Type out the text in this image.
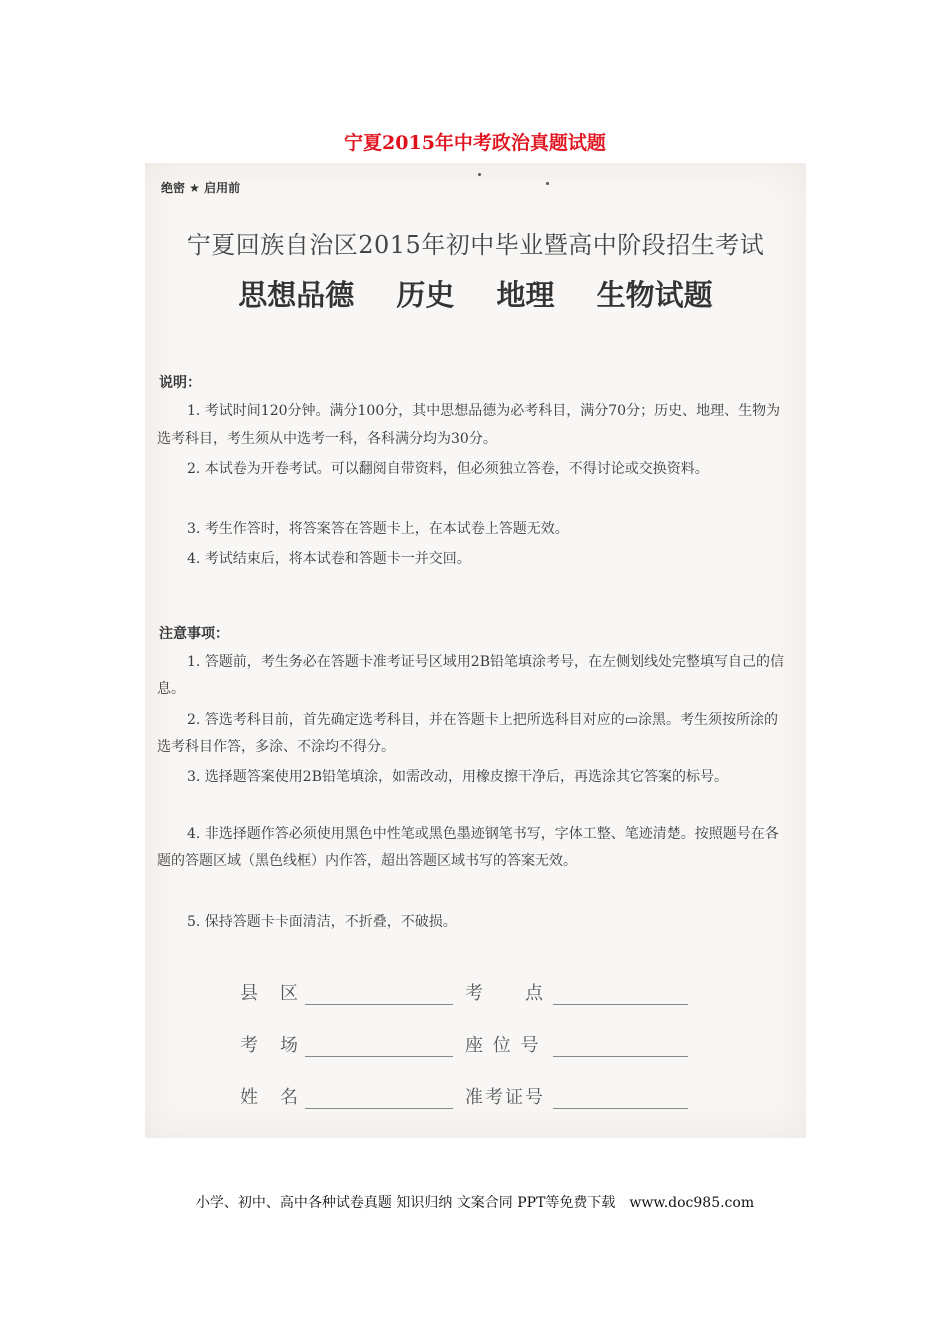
宁夏2015年中考政治真题试题
绝密 ★ 启用前
宁夏回族自治区2015年初中毕业暨高中阶段招生考试
思想品德 历史 地理 生物试题
说明：
1. 考试时间120分钟。满分100分，其中思想品德为必考科目，满分70分；历史、地理、生物为选考科目，考生须从中选考一科，各科满分均为30分。
2. 本试卷为开卷考试。可以翻阅自带资料，但必须独立答卷，不得讨论或交换资料。
3. 考生作答时，将答案答在答题卡上，在本试卷上答题无效。
4. 考试结束后，将本试卷和答题卡一并交回。
注意事项：
1. 答题前，考生务必在答题卡准考证号区域用2B铅笔填涂考号，在左侧划线处完整填写自己的信息。
2. 答选考科目前，首先确定选考科目，并在答题卡上把所选科目对应的▭涂黑。考生须按所涂的选考科目作答，多涂、不涂均不得分。
3. 选择题答案使用2B铅笔填涂，如需改动，用橡皮擦干净后，再选涂其它答案的标号。
4. 非选择题作答必须使用黑色中性笔或黑色墨迹钢笔书写，字体工整、笔迹清楚。按照题号在各题的答题区域（黑色线框）内作答，超出答题区域书写的答案无效。
5. 保持答题卡卡面清洁，不折叠，不破损。
县　区	考　　点
考　场	座 位 号
姓　名	准考证号
小学、初中、高中各种试卷真题 知识归纳 文案合同 PPT等免费下载　www.doc985.com
